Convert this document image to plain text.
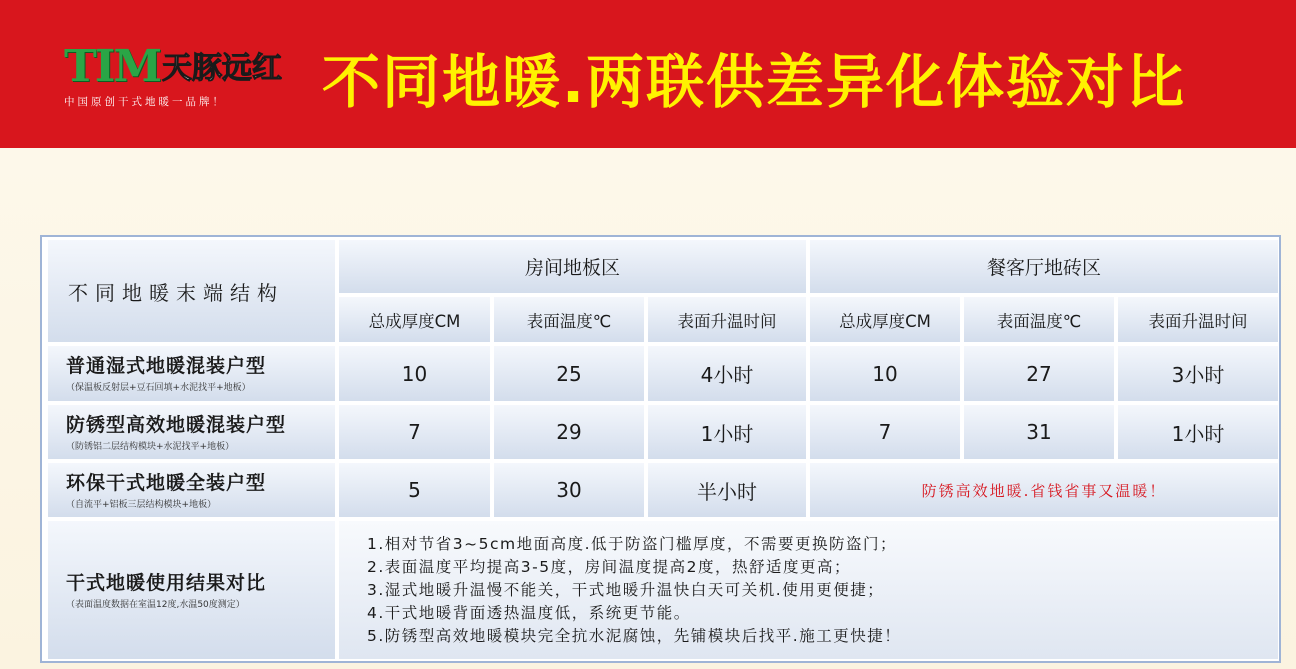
TIM 天豚远红
中国原创干式地暖一品牌！	不同地暖.两联供差异化体验对比
不同地暖末端结构
房间地板区	餐客厅地砖区
总成厚度CM	表面温度℃	表面升温时间	总成厚度CM	表面温度℃	表面升温时间
普通湿式地暖混装户型
（保温板反射层+豆石回填+水泥找平+地板）
10	25	4小时	10	27	3小时
防锈型高效地暖混装户型
（防锈铝二层结构模块+水泥找平+地板）
7	29	1小时	7	31	1小时
环保干式地暖全装户型
（自流平+铝板三层结构模块+地板）
5	30	半小时	防锈高效地暖.省钱省事又温暖！
干式地暖使用结果对比
（表面温度数据在室温12度,水温50度测定）
1.相对节省3~5cm地面高度.低于防盗门槛厚度，不需要更换防盗门；
2.表面温度平均提高3-5度，房间温度提高2度，热舒适度更高；
3.湿式地暖升温慢不能关，干式地暖升温快白天可关机.使用更便捷；
4.干式地暖背面透热温度低，系统更节能。
5.防锈型高效地暖模块完全抗水泥腐蚀，先铺模块后找平.施工更快捷！
